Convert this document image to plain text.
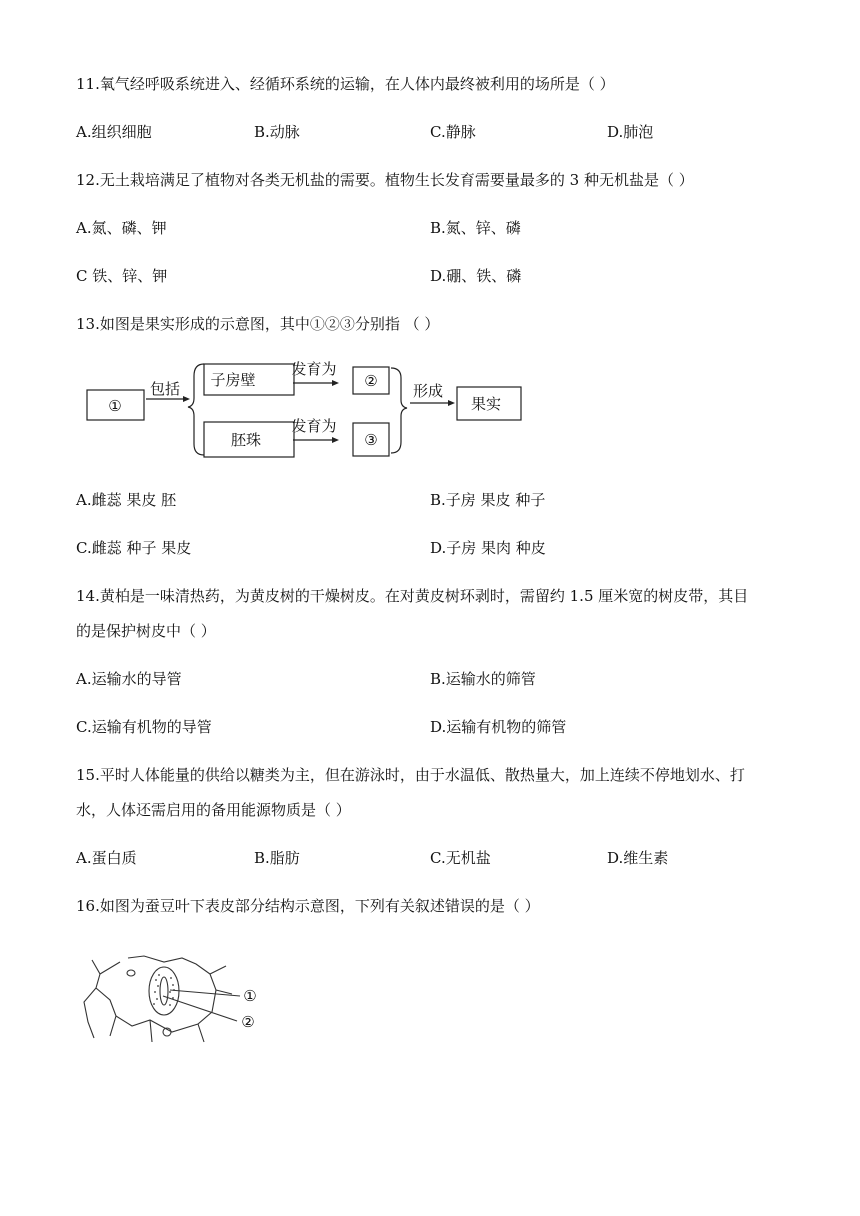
11.氧气经呼吸系统进入、经循环系统的运输，在人体内最终被利用的场所是（ ）
A.组织细胞	B.动脉	C.静脉	D.肺泡
12.无土栽培满足了植物对各类无机盐的需要。植物生长发育需要量最多的 3 种无机盐是（ ）
A.氮、磷、钾	B.氮、锌、磷
C 铁、锌、钾	D.硼、铁、磷
13.如图是果实形成的示意图，其中①②③分别指 （ ）
①
包括 子房壁
胚珠
发育为
发育为
②
③
形成
果实
A.雌蕊 果皮 胚	B.子房 果皮 种子
C.雌蕊 种子 果皮	D.子房 果肉 种皮
14.黄柏是一味清热药，为黄皮树的干燥树皮。在对黄皮树环剥时，需留约 1.5 厘米宽的树皮带，其目
的是保护树皮中（ ）
A.运输水的导管	B.运输水的筛管
C.运输有机物的导管	D.运输有机物的筛管
15.平时人体能量的供给以糖类为主，但在游泳时，由于水温低、散热量大，加上连续不停地划水、打
水，人体还需启用的备用能源物质是（ ）
A.蛋白质	B.脂肪	C.无机盐	D.维生素
16.如图为蚕豆叶下表皮部分结构示意图，下列有关叙述错误的是（ ）
①
②
